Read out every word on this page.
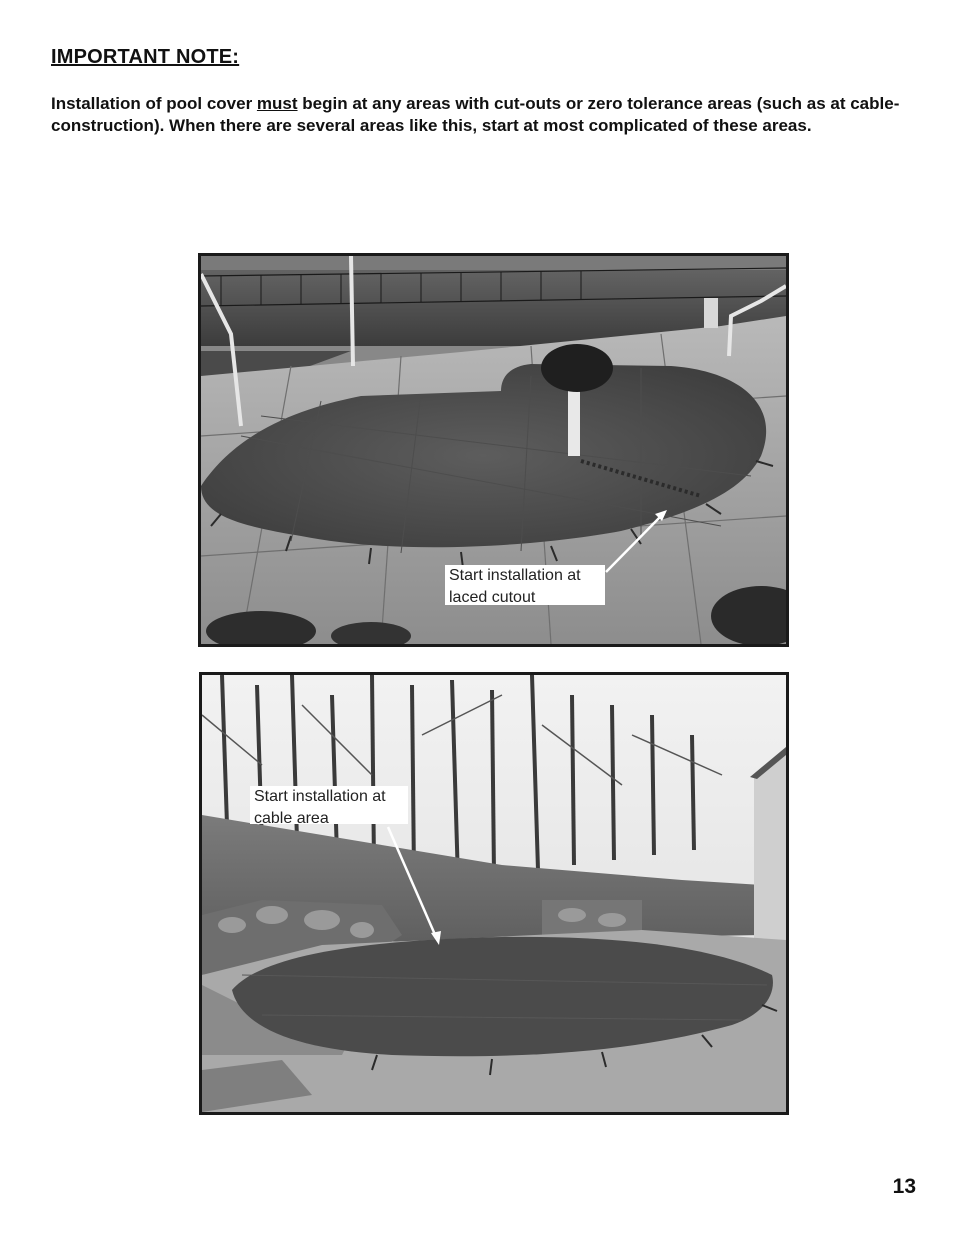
IMPORTANT NOTE:

Installation of pool cover must begin at any areas with cut-outs or zero tolerance areas (such as at cable-construction). When there are several areas like this, start at most complicated of these areas.

Start installation at
laced cutout
Start installation at
cable area
13
